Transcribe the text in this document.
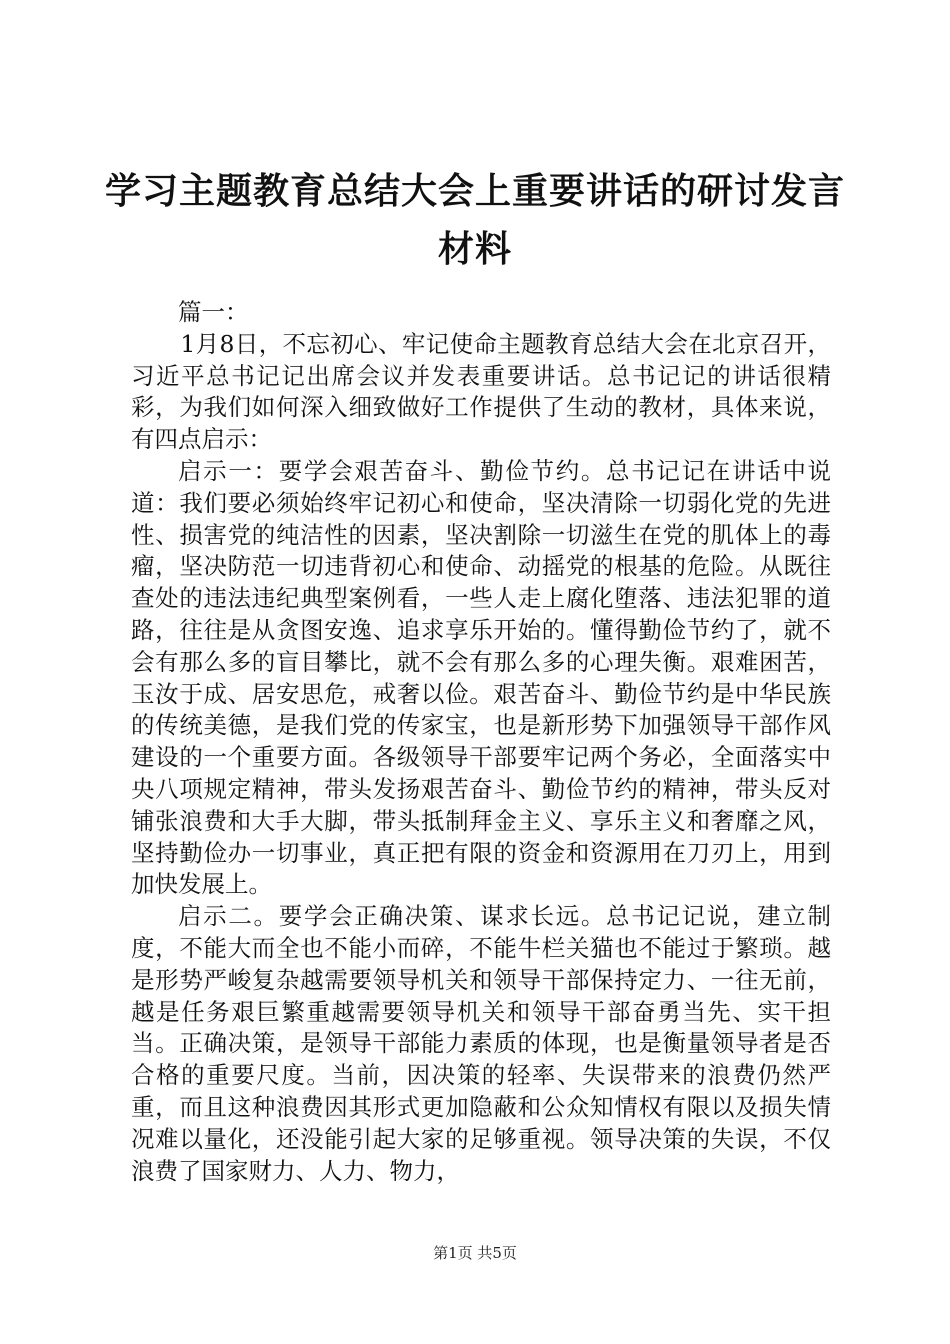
学习主题教育总结大会上重要讲话的研讨发言材料

篇一：

1月8日，不忘初心、牢记使命主题教育总结大会在北京召开，习近平总书记记出席会议并发表重要讲话。总书记记的讲话很精彩，为我们如何深入细致做好工作提供了生动的教材，具体来说，有四点启示：

启示一：要学会艰苦奋斗、勤俭节约。总书记记在讲话中说道：我们要必须始终牢记初心和使命，坚决清除一切弱化党的先进性、损害党的纯洁性的因素，坚决割除一切滋生在党的肌体上的毒瘤，坚决防范一切违背初心和使命、动摇党的根基的危险。从既往查处的违法违纪典型案例看，一些人走上腐化堕落、违法犯罪的道路，往往是从贪图安逸、追求享乐开始的。懂得勤俭节约了，就不会有那么多的盲目攀比，就不会有那么多的心理失衡。艰难困苦，玉汝于成、居安思危，戒奢以俭。艰苦奋斗、勤俭节约是中华民族的传统美德，是我们党的传家宝，也是新形势下加强领导干部作风建设的一个重要方面。各级领导干部要牢记两个务必，全面落实中央八项规定精神，带头发扬艰苦奋斗、勤俭节约的精神，带头反对铺张浪费和大手大脚，带头抵制拜金主义、享乐主义和奢靡之风，坚持勤俭办一切事业，真正把有限的资金和资源用在刀刃上，用到加快发展上。

启示二。要学会正确决策、谋求长远。总书记记说，建立制度，不能大而全也不能小而碎，不能牛栏关猫也不能过于繁琐。越是形势严峻复杂越需要领导机关和领导干部保持定力、一往无前，越是任务艰巨繁重越需要领导机关和领导干部奋勇当先、实干担当。正确决策，是领导干部能力素质的体现，也是衡量领导者是否合格的重要尺度。当前，因决策的轻率、失误带来的浪费仍然严重，而且这种浪费因其形式更加隐蔽和公众知情权有限以及损失情况难以量化，还没能引起大家的足够重视。领导决策的失误，不仅浪费了国家财力、人力、物力，

第1页 共5页
